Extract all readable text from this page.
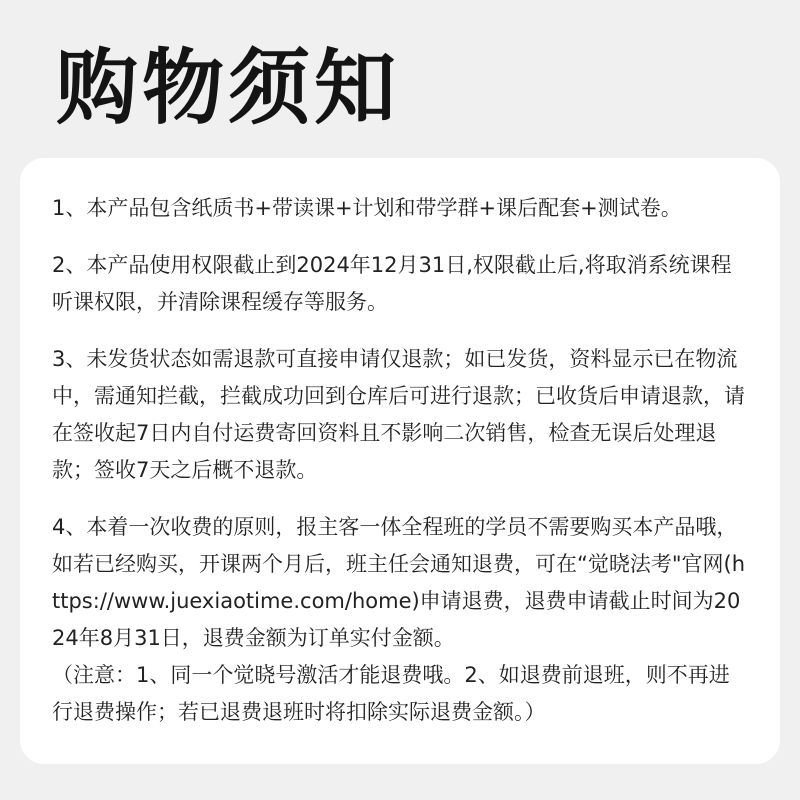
购物须知

1、本产品包含纸质书+带读课+计划和带学群+课后配套+测试卷。

2、本产品使用权限截止到2024年12月31日,权限截止后,将取消系统课程听课权限，并清除课程缓存等服务。

3、未发货状态如需退款可直接申请仅退款；如已发货，资料显示已在物流中，需通知拦截，拦截成功回到仓库后可进行退款；已收货后申请退款，请在签收起7日内自付运费寄回资料且不影响二次销售，检查无误后处理退款；签收7天之后概不退款。

4、本着一次收费的原则，报主客一体全程班的学员不需要购买本产品哦，如若已经购买，开课两个月后，班主任会通知退费，可在“觉晓法考"官网(https://www.juexiaotime.com/home)申请退费，退费申请截止时间为2024年8月31日，退费金额为订单实付金额。

（注意：1、同一个觉晓号激活才能退费哦。2、如退费前退班，则不再进行退费操作；若已退费退班时将扣除实际退费金额。）
